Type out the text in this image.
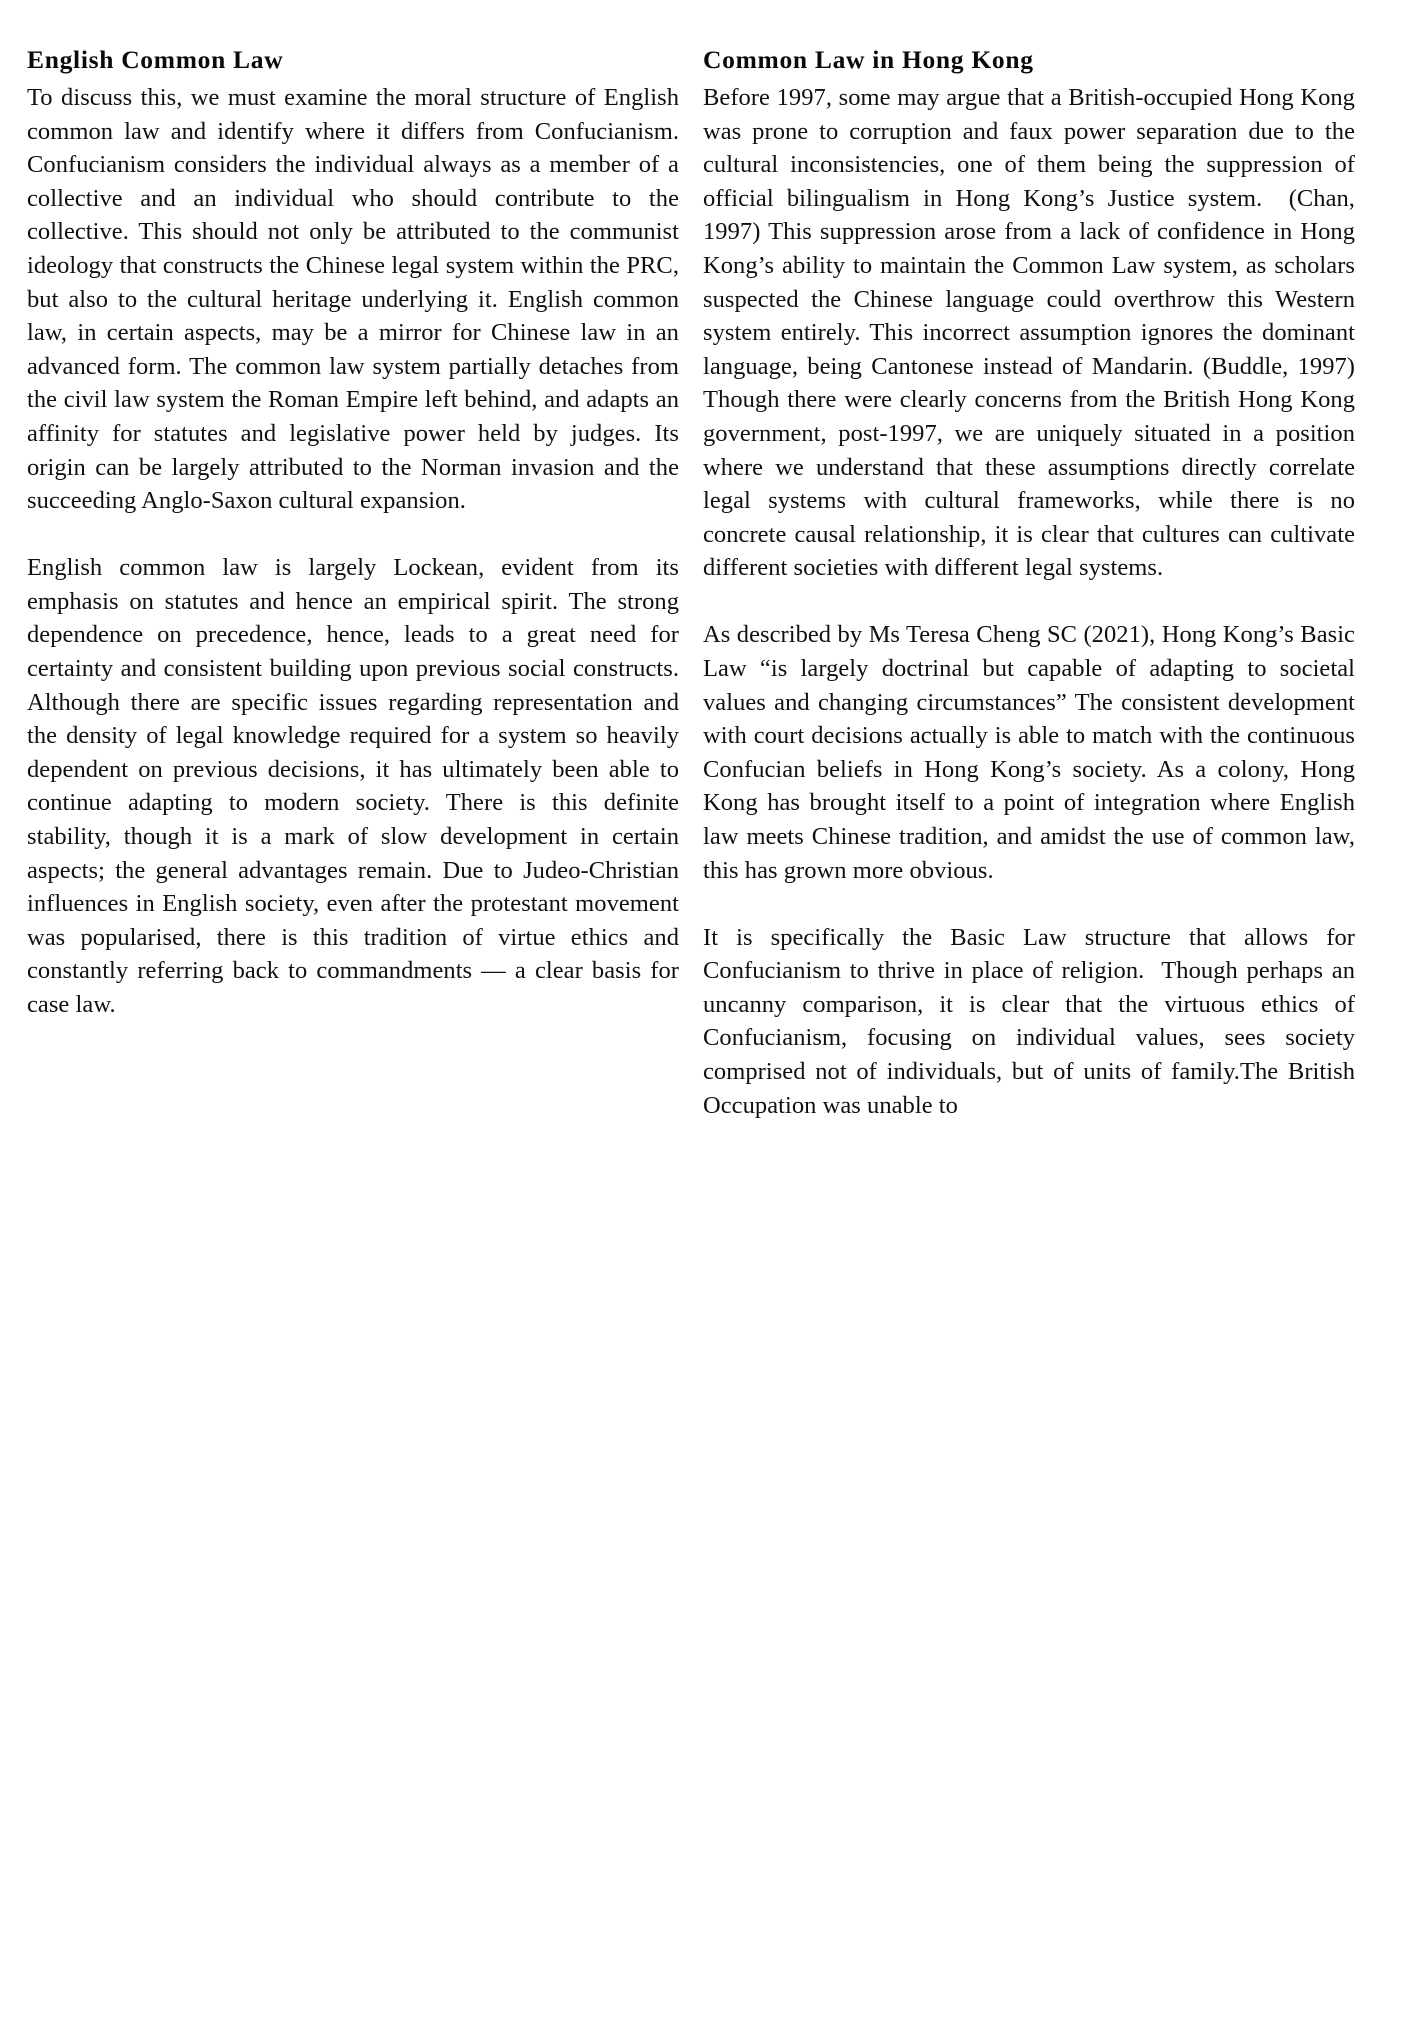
English Common Law

To discuss this, we must examine the moral structure of English common law and identify where it differs from Confucianism. Confucianism considers the individual always as a member of a collective and an individual who should contribute to the collective. This should not only be attributed to the communist ideology that constructs the Chinese legal system within the PRC, but also to the cultural heritage underlying it. English common law, in certain aspects, may be a mirror for Chinese law in an advanced form. The common law system partially detaches from the civil law system the Roman Empire left behind, and adapts an affinity for statutes and legislative power held by judges. Its origin can be largely attributed to the Norman invasion and the succeeding Anglo-Saxon cultural expansion.

English common law is largely Lockean, evident from its emphasis on statutes and hence an empirical spirit. The strong dependence on precedence, hence, leads to a great need for certainty and consistent building upon previous social constructs. Although there are specific issues regarding representation and the density of legal knowledge required for a system so heavily dependent on previous decisions, it has ultimately been able to continue adapting to modern society. There is this definite stability, though it is a mark of slow development in certain aspects; the general advantages remain. Due to Judeo-Christian influences in English society, even after the protestant movement was popularised, there is this tradition of virtue ethics and constantly referring back to commandments — a clear basis for case law.

Common Law in Hong Kong

Before 1997, some may argue that a British-occupied Hong Kong was prone to corruption and faux power separation due to the cultural inconsistencies, one of them being the suppression of official bilingualism in Hong Kong’s Justice system.  (Chan, 1997) This suppression arose from a lack of confidence in Hong Kong’s ability to maintain the Common Law system, as scholars suspected the Chinese language could overthrow this Western system entirely. This incorrect assumption ignores the dominant language, being Cantonese instead of Mandarin. (Buddle, 1997) Though there were clearly concerns from the British Hong Kong government, post-1997, we are uniquely situated in a position where we understand that these assumptions directly correlate legal systems with cultural frameworks, while there is no concrete causal relationship, it is clear that cultures can cultivate different societies with different legal systems.

As described by Ms Teresa Cheng SC (2021), Hong Kong’s Basic Law “is largely doctrinal but capable of adapting to societal values and changing circumstances” The consistent development with court decisions actually is able to match with the continuous Confucian beliefs in Hong Kong’s society. As a colony, Hong Kong has brought itself to a point of integration where English law meets Chinese tradition, and amidst the use of common law, this has grown more obvious.

It is specifically the Basic Law structure that allows for Confucianism to thrive in place of religion.  Though perhaps an uncanny comparison, it is clear that the virtuous ethics of Confucianism, focusing on individual values, sees society comprised not of individuals, but of units of family.The British Occupation was unable to
